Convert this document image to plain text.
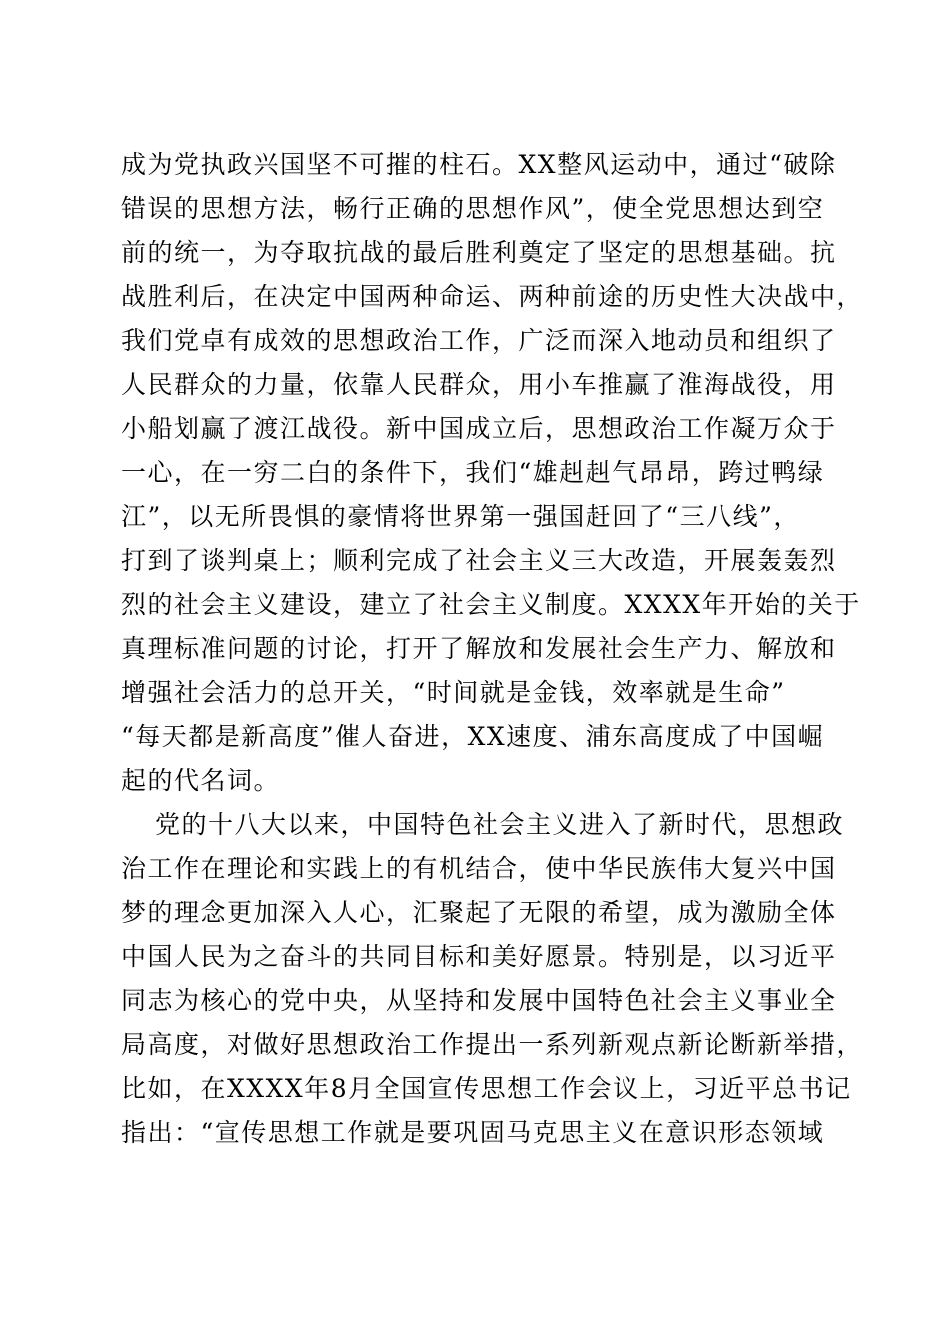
成为党执政兴国坚不可摧的柱石。XX整风运动中，通过“破除
错误的思想方法，畅行正确的思想作风”，使全党思想达到空
前的统一，为夺取抗战的最后胜利奠定了坚定的思想基础。抗
战胜利后，在决定中国两种命运、两种前途的历史性大决战中，
我们党卓有成效的思想政治工作，广泛而深入地动员和组织了
人民群众的力量，依靠人民群众，用小车推赢了淮海战役，用
小船划赢了渡江战役。新中国成立后，思想政治工作凝万众于
一心，在一穷二白的条件下，我们“雄赳赳气昂昂，跨过鸭绿
江”，以无所畏惧的豪情将世界第一强国赶回了“三八线”，
打到了谈判桌上；顺利完成了社会主义三大改造，开展轰轰烈
烈的社会主义建设，建立了社会主义制度。XXXX年开始的关于
真理标准问题的讨论，打开了解放和发展社会生产力、解放和
增强社会活力的总开关，“时间就是金钱，效率就是生命”
“每天都是新高度”催人奋进，XX速度、浦东高度成了中国崛
起的代名词。
党的十八大以来，中国特色社会主义进入了新时代，思想政
治工作在理论和实践上的有机结合，使中华民族伟大复兴中国
梦的理念更加深入人心，汇聚起了无限的希望，成为激励全体
中国人民为之奋斗的共同目标和美好愿景。特别是，以习近平
同志为核心的党中央，从坚持和发展中国特色社会主义事业全
局高度，对做好思想政治工作提出一系列新观点新论断新举措，
比如，在XXXX年8月全国宣传思想工作会议上，习近平总书记
指出：“宣传思想工作就是要巩固马克思主义在意识形态领域
